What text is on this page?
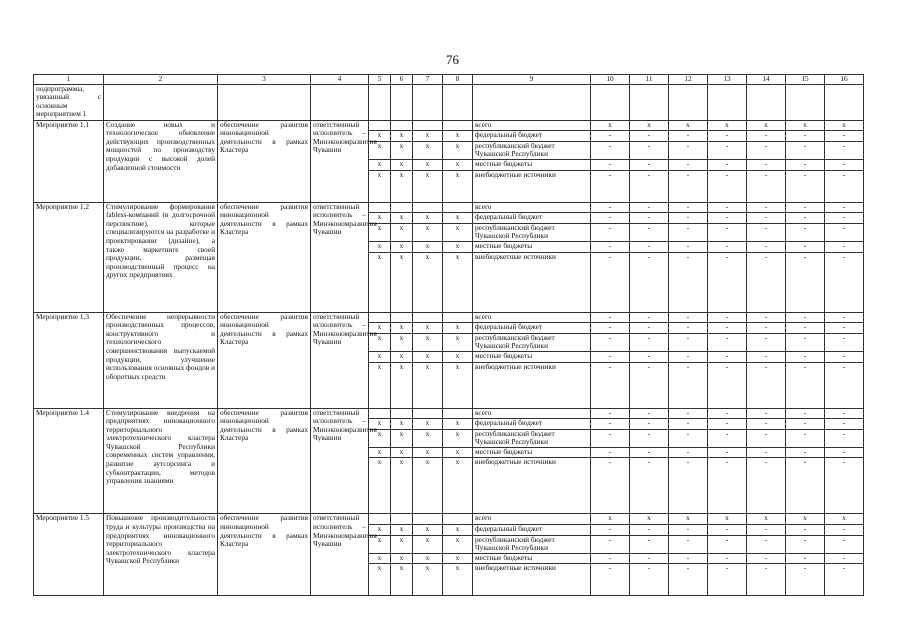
76
1	2	3	4	5	6	7	8	9	10	11	12	13	14	15	16
подпрограммы, увязанный с основным мероприятием 1															
Мероприятие 1.1	Создание новых и технологическое обновление действующих производственных мощностей по производству продукции с высокой долей добавленной стоимости	обеспечение развития инновационной деятельности в рамках Кластера	ответственный исполнитель – Минэкономразвития Чувашии					всего	x	x	x	x	x	x	x
				x	x	x	x	федеральный бюджет	-	-	-	-	-	-	-
				x	x	x	x	республиканский бюджет Чувашской Республики	-	-	-	-	-	-	-
				x	x	x	x	местные бюджеты	-	-	-	-	-	-	-
				x	x	x	x	внебюджетные источники	-	-	-	-	-	-	-
Мероприятие 1.2	Стимулирование формирования fabless-компаний (в долгосрочной перспективе), которые специализируются на разработке и проектировании (дизайне), а также маркетинге своей продукции, размещая производственный процесс на других предприятиях	обеспечение развития инновационной деятельности в рамках Кластера	ответственный исполнитель – Минэкономразвития Чувашии					всего	-	-	-	-	-	-	-
				x	x	x	x	федеральный бюджет	-	-	-	-	-	-	-
				x	x	x	x	республиканский бюджет Чувашской Республики	-	-	-	-	-	-	-
				x	x	x	x	местные бюджеты	-	-	-	-	-	-	-
				x	x	x	x	внебюджетные источники	-	-	-	-	-	-	-
Мероприятие 1.3	Обеспечение непрерывности производственных процессов, конструктивного и технологического совершенствования выпускаемой продукции, улучшение использования основных фондов и оборотных средств	обеспечение развития инновационной деятельности в рамках Кластера	ответственный исполнитель – Минэкономразвития Чувашии					всего	-	-	-	-	-	-	-
				x	x	x	x	федеральный бюджет	-	-	-	-	-	-	-
				x	x	x	x	республиканский бюджет Чувашской Республики	-	-	-	-	-	-	-
				x	x	x	x	местные бюджеты	-	-	-	-	-	-	-
				x	x	x	x	внебюджетные источники	-	-	-	-	-	-	-
Мероприятие 1.4	Стимулирование внедрения на предприятиях инновационного территориального электротехнического кластера Чувашской Республики современных систем управления, развитие аутсорсинга и субконтрактации, методов управления знаниями	обеспечение развития инновационной деятельности в рамках Кластера	ответственный исполнитель – Минэкономразвития Чувашии					всего	-	-	-	-	-	-	-
				x	x	x	x	федеральный бюджет	-	-	-	-	-	-	-
				x	x	x	x	республиканский бюджет Чувашской Республики	-	-	-	-	-	-	-
				x	x	x	x	местные бюджеты	-	-	-	-	-	-	-
				x	x	x	x	внебюджетные источники	-	-	-	-	-	-	-
Мероприятие 1.5	Повышение производительности труда и культуры производства на предприятиях инновационного территориального электротехнического кластера Чувашской Республики	обеспечение развития инновационной деятельности в рамках Кластера	ответственный исполнитель – Минэкономразвития Чувашии					всего	x	x	x	x	x	x	x
				x	x	x	x	федеральный бюджет	-	-	-	-	-	-	-
				x	x	x	x	республиканский бюджет Чувашской Республики	-	-	-	-	-	-	-
				x	x	x	x	местные бюджеты	-	-	-	-	-	-	-
				x	x	x	x	внебюджетные источники	-	-	-	-	-	-	-
